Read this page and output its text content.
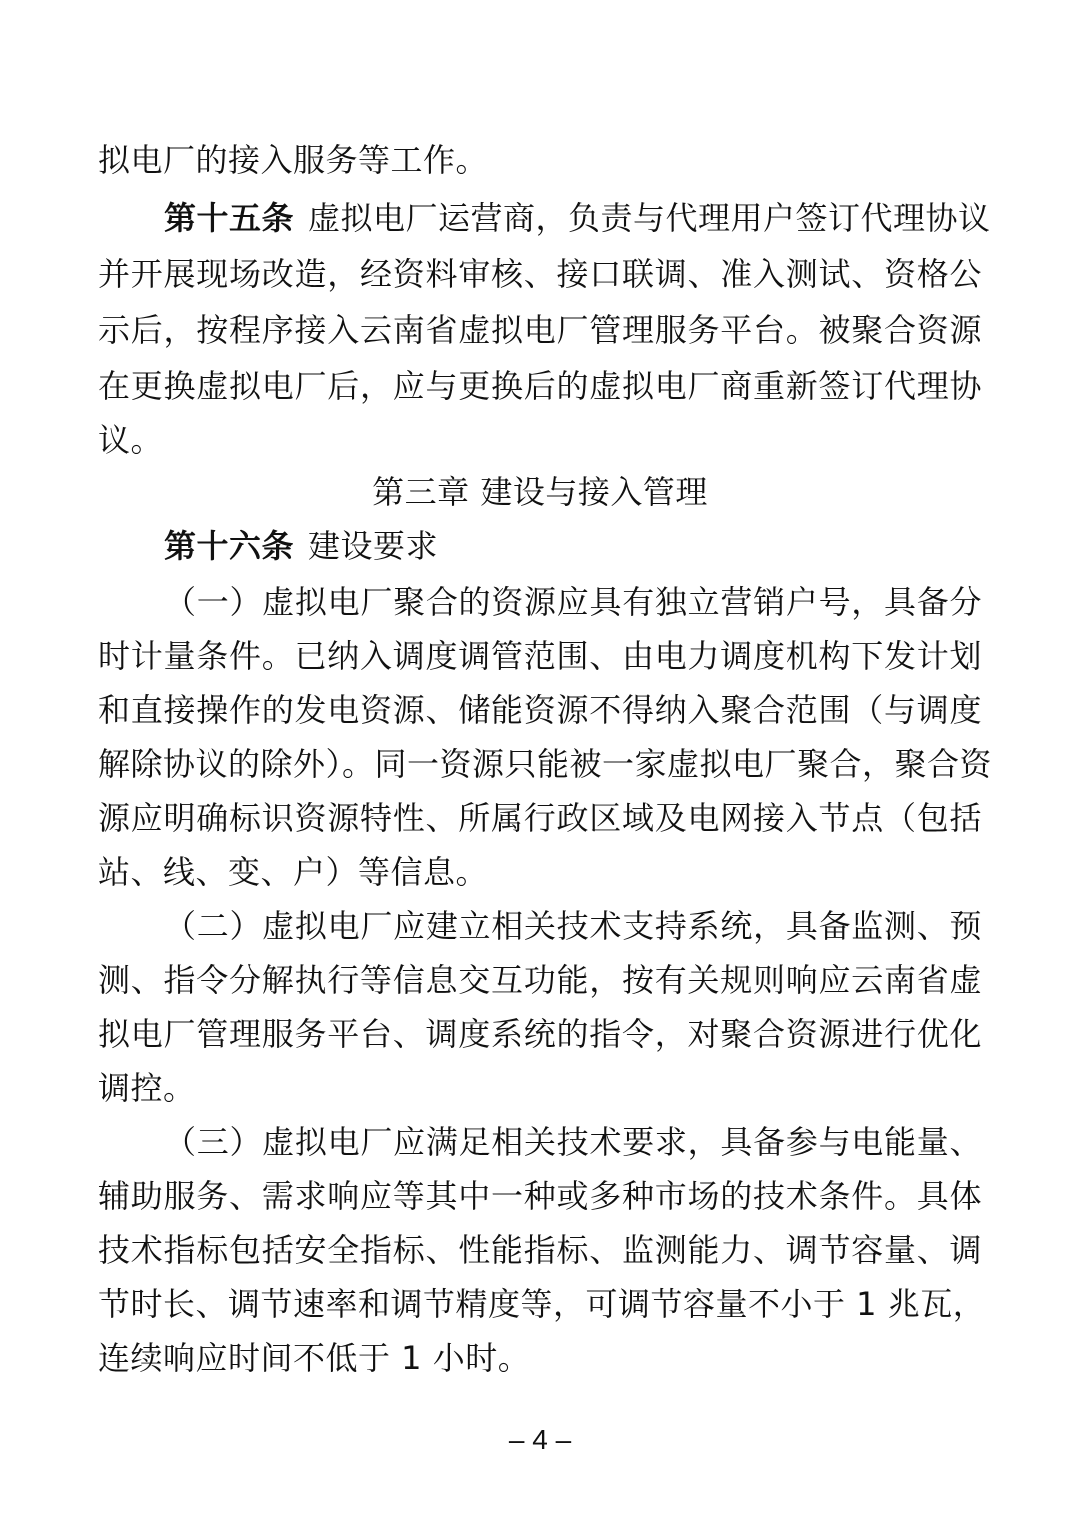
拟电厂的接入服务等工作。
第十五条 虚拟电厂运营商，负责与代理用户签订代理协议
并开展现场改造，经资料审核、接口联调、准入测试、资格公
示后，按程序接入云南省虚拟电厂管理服务平台。被聚合资源
在更换虚拟电厂后，应与更换后的虚拟电厂商重新签订代理协
议。
第三章 建设与接入管理
第十六条 建设要求
（一）虚拟电厂聚合的资源应具有独立营销户号，具备分
时计量条件。已纳入调度调管范围、由电力调度机构下发计划
和直接操作的发电资源、储能资源不得纳入聚合范围（与调度
解除协议的除外）。同一资源只能被一家虚拟电厂聚合，聚合资
源应明确标识资源特性、所属行政区域及电网接入节点（包括
站、线、变、户）等信息。
（二）虚拟电厂应建立相关技术支持系统，具备监测、预
测、指令分解执行等信息交互功能，按有关规则响应云南省虚
拟电厂管理服务平台、调度系统的指令，对聚合资源进行优化
调控。
（三）虚拟电厂应满足相关技术要求，具备参与电能量、
辅助服务、需求响应等其中一种或多种市场的技术条件。具体
技术指标包括安全指标、性能指标、监测能力、调节容量、调
节时长、调节速率和调节精度等，可调节容量不小于 1 兆瓦，
连续响应时间不低于 1 小时。
– 4 –
